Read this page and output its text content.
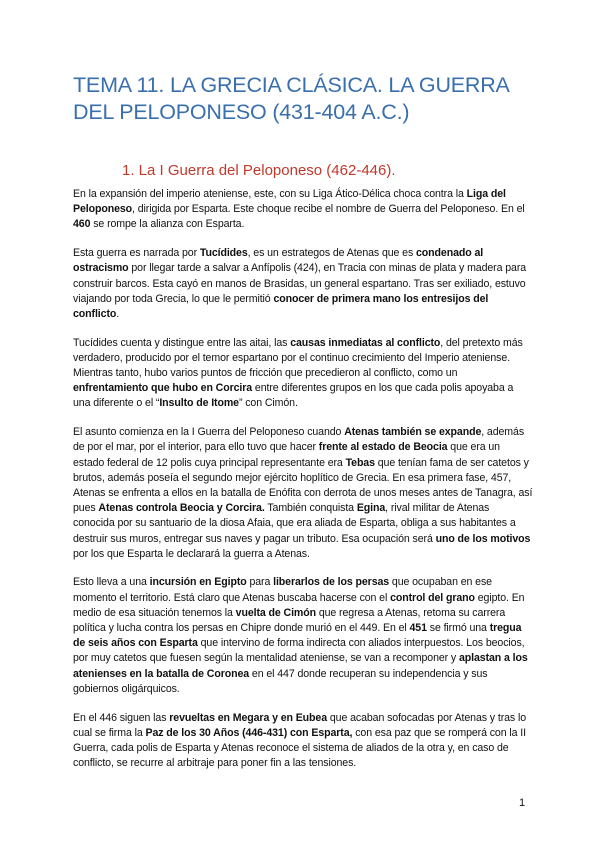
TEMA 11. LA GRECIA CLÁSICA. LA GUERRA DEL PELOPONESO (431-404 A.C.)
1. La I Guerra del Peloponeso (462-446).

En la expansión del imperio ateniense, este, con su Liga Ático-Délica choca contra la Liga del Peloponeso, dirigida por Esparta. Este choque recibe el nombre de Guerra del Peloponeso. En el 460 se rompe la alianza con Esparta.

Esta guerra es narrada por Tucídides, es un estrategos de Atenas que es condenado al ostracismo por llegar tarde a salvar a Anfípolis (424), en Tracia con minas de plata y madera para construir barcos. Esta cayó en manos de Brasidas, un general espartano. Tras ser exiliado, estuvo viajando por toda Grecia, lo que le permitió conocer de primera mano los entresijos del conflicto.

Tucídides cuenta y distingue entre las aitai, las causas inmediatas al conflicto, del pretexto más verdadero, producido por el temor espartano por el continuo crecimiento del Imperio ateniense. Mientras tanto, hubo varios puntos de fricción que precedieron al conflicto, como un enfrentamiento que hubo en Corcira entre diferentes grupos en los que cada polis apoyaba a una diferente o el “Insulto de Itome” con Cimón.

El asunto comienza en la I Guerra del Peloponeso cuando Atenas también se expande, además de por el mar, por el interior, para ello tuvo que hacer frente al estado de Beocia que era un estado federal de 12 polis cuya principal representante era Tebas que tenían fama de ser catetos y brutos, además poseía el segundo mejor ejército hoplítico de Grecia. En esa primera fase, 457, Atenas se enfrenta a ellos en la batalla de Enófita con derrota de unos meses antes de Tanagra, así pues Atenas controla Beocia y Corcira. También conquista Egina, rival militar de Atenas conocida por su santuario de la diosa Afaia, que era aliada de Esparta, obliga a sus habitantes a destruir sus muros, entregar sus naves y pagar un tributo. Esa ocupación será uno de los motivos por los que Esparta le declarará la guerra a Atenas.

Esto lleva a una incursión en Egipto para liberarlos de los persas que ocupaban en ese momento el territorio. Está claro que Atenas buscaba hacerse con el control del grano egipto. En medio de esa situación tenemos la vuelta de Cimón que regresa a Atenas, retoma su carrera política y lucha contra los persas en Chipre donde murió en el 449. En el 451 se firmó una tregua de seis años con Esparta que intervino de forma indirecta con aliados interpuestos. Los beocios, por muy catetos que fuesen según la mentalidad ateniense, se van a recomponer y aplastan a los atenienses en la batalla de Coronea en el 447 donde recuperan su independencia y sus gobiernos oligárquicos.

En el 446 siguen las revueltas en Megara y en Eubea que acaban sofocadas por Atenas y tras lo cual se firma la Paz de los 30 Años (446-431) con Esparta, con esa paz que se romperá con la II Guerra, cada polis de Esparta y Atenas reconoce el sistema de aliados de la otra y, en caso de conflicto, se recurre al arbitraje para poner fin a las tensiones.

1
